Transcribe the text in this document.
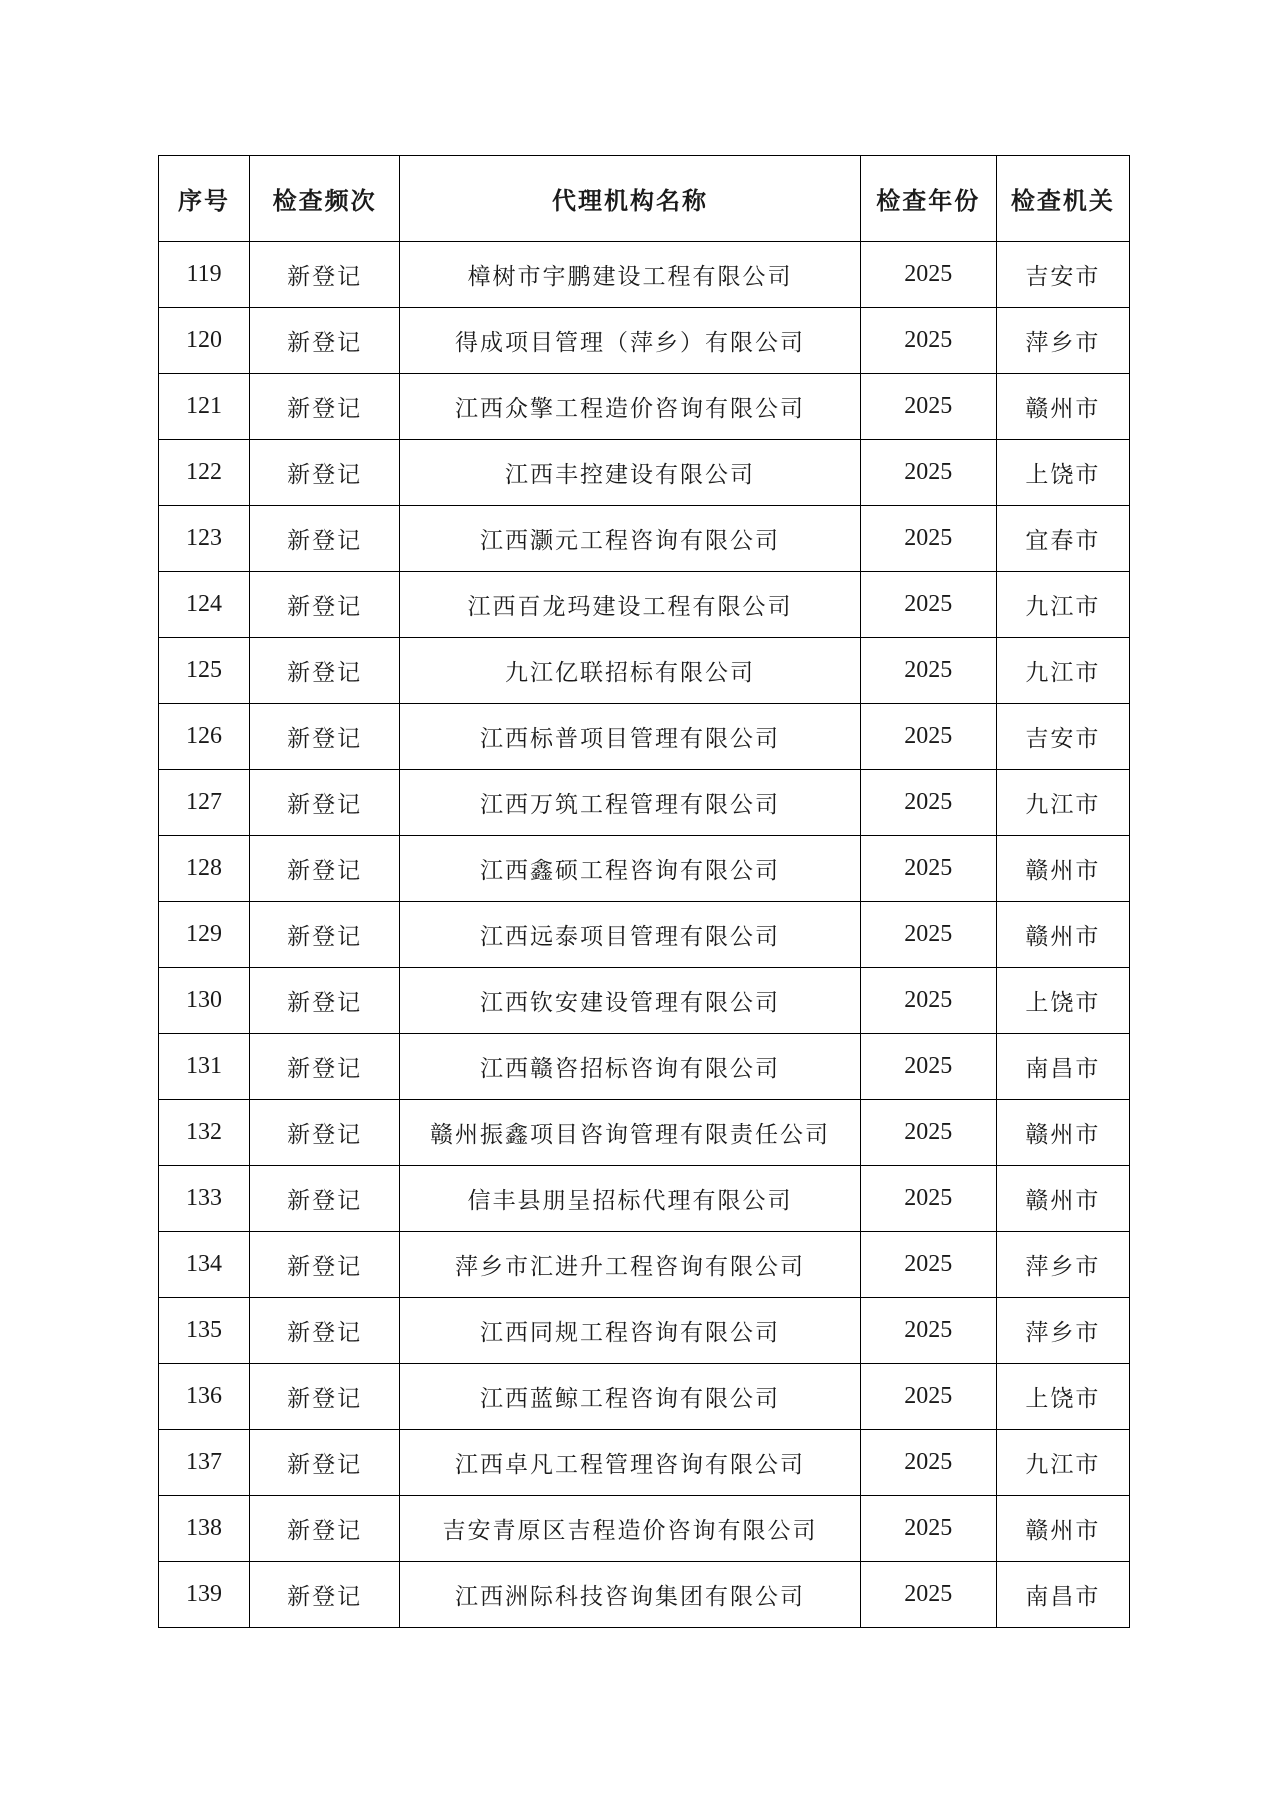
序号	检查频次	代理机构名称	检查年份	检查机关
119	新登记	樟树市宇鹏建设工程有限公司	2025	吉安市
120	新登记	得成项目管理（萍乡）有限公司	2025	萍乡市
121	新登记	江西众擎工程造价咨询有限公司	2025	赣州市
122	新登记	江西丰控建设有限公司	2025	上饶市
123	新登记	江西灏元工程咨询有限公司	2025	宜春市
124	新登记	江西百龙玛建设工程有限公司	2025	九江市
125	新登记	九江亿联招标有限公司	2025	九江市
126	新登记	江西标普项目管理有限公司	2025	吉安市
127	新登记	江西万筑工程管理有限公司	2025	九江市
128	新登记	江西鑫硕工程咨询有限公司	2025	赣州市
129	新登记	江西远泰项目管理有限公司	2025	赣州市
130	新登记	江西钦安建设管理有限公司	2025	上饶市
131	新登记	江西赣咨招标咨询有限公司	2025	南昌市
132	新登记	赣州振鑫项目咨询管理有限责任公司	2025	赣州市
133	新登记	信丰县朋呈招标代理有限公司	2025	赣州市
134	新登记	萍乡市汇进升工程咨询有限公司	2025	萍乡市
135	新登记	江西同规工程咨询有限公司	2025	萍乡市
136	新登记	江西蓝鲸工程咨询有限公司	2025	上饶市
137	新登记	江西卓凡工程管理咨询有限公司	2025	九江市
138	新登记	吉安青原区吉程造价咨询有限公司	2025	赣州市
139	新登记	江西洲际科技咨询集团有限公司	2025	南昌市
